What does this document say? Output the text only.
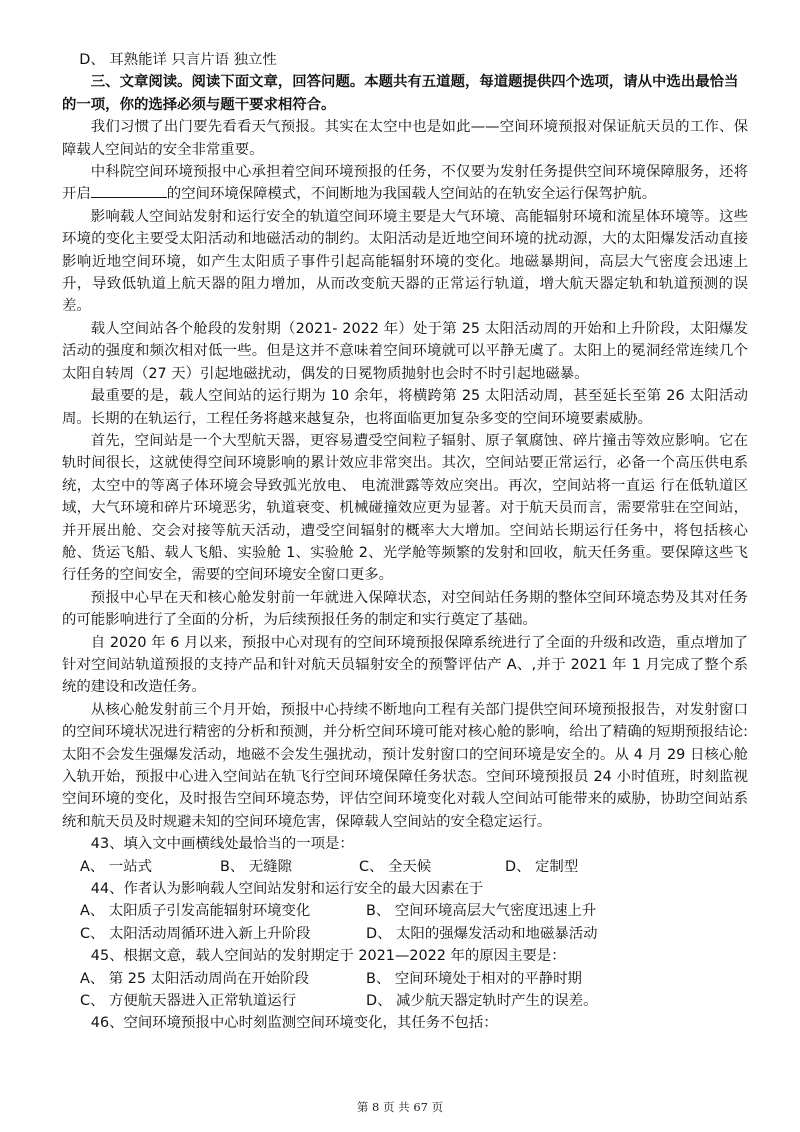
D、 耳熟能详 只言片语 独立性

三、文章阅读。阅读下面文章，回答问题。本题共有五道题，每道题提供四个选项，请从中选出最恰当的一项，你的选择必须与题干要求相符合。

我们习惯了出门要先看看天气预报。其实在太空中也是如此——空间环境预报对保证航天员的工作、保障载人空间站的安全非常重要。

中科院空间环境预报中心承担着空间环境预报的任务，不仅要为发射任务提供空间环境保障服务，还将开启	的空间环境保障模式，不间断地为我国载人空间站的在轨安全运行保驾护航。

影响载人空间站发射和运行安全的轨道空间环境主要是大气环境、高能辐射环境和流星体环境等。这些环境的变化主要受太阳活动和地磁活动的制约。太阳活动是近地空间环境的扰动源，大的太阳爆发活动直接影响近地空间环境，如产生太阳质子事件引起高能辐射环境的变化。地磁暴期间，高层大气密度会迅速上升，导致低轨道上航天器的阻力增加，从而改变航天器的正常运行轨道，增大航天器定轨和轨道预测的误差。

载人空间站各个舱段的发射期（2021- 2022 年）处于第 25 太阳活动周的开始和上升阶段，太阳爆发活动的强度和频次相对低一些。但是这并不意味着空间环境就可以平静无虞了。太阳上的冕洞经常连续几个太阳自转周（27 天）引起地磁扰动，偶发的日冕物质抛射也会时不时引起地磁暴。

最重要的是，载人空间站的运行期为 10 余年，将横跨第 25 太阳活动周，甚至延长至第 26 太阳活动周。长期的在轨运行，工程任务将越来越复杂，也将面临更加复杂多变的空间环境要素威胁。

首先，空间站是一个大型航天器，更容易遭受空间粒子辐射、原子氧腐蚀、碎片撞击等效应影响。它在轨时间很长，这就使得空间环境影响的累计效应非常突出。其次，空间站要正常运行，必备一个高压供电系统，太空中的等离子体环境会导致弧光放电、 电流泄露等效应突出。再次，空间站将一直运 行在低轨道区域，大气环境和碎片环境恶劣，轨道衰变、机械碰撞效应更为显著。对于航天员而言，需要常驻在空间站，并开展出舱、交会对接等航天活动，遭受空间辐射的概率大大增加。空间站长期运行任务中，将包括核心舱、货运飞船、载人飞船、实验舱 1、实验舱 2、光学舱等频繁的发射和回收，航天任务重。要保障这些飞行任务的空间安全，需要的空间环境安全窗口更多。

预报中心早在天和核心舱发射前一年就进入保障状态，对空间站任务期的整体空间环境态势及其对任务的可能影响进行了全面的分析，为后续预报任务的制定和实行奠定了基础。

自 2020 年 6 月以来，预报中心对现有的空间环境预报保障系统进行了全面的升级和改造，重点增加了针对空间站轨道预报的支持产品和针对航天员辐射安全的预警评估产 A、,并于 2021 年 1 月完成了整个系统的建设和改造任务。

从核心舱发射前三个月开始，预报中心持续不断地向工程有关部门提供空间环境预报报告，对发射窗口的空间环境状况进行精密的分析和预测，并分析空间环境可能对核心舱的影响，给出了精确的短期预报结论:太阳不会发生强爆发活动，地磁不会发生强扰动，预计发射窗口的空间环境是安全的。从 4 月 29 日核心舱入轨开始，预报中心进入空间站在轨飞行空间环境保障任务状态。空间环境预报员 24 小时值班，时刻监视空间环境的变化，及时报告空间环境态势，评估空间环境变化对载人空间站可能带来的威胁，协助空间站系统和航天员及时规避未知的空间环境危害，保障载人空间站的安全稳定运行。

43、填入文中画横线处最恰当的一项是：

A、 一站式	B、 无缝隙	C、 全天候	D、 定制型

44、作者认为影响载人空间站发射和运行安全的最大因素在于

A、 太阳质子引发高能辐射环境变化	B、 空间环境高层大气密度迅速上升
C、 太阳活动周循环进入新上升阶段	D、 太阳的强爆发活动和地磁暴活动

45、根据文意，载人空间站的发射期定于 2021—2022 年的原因主要是：

A、 第 25 太阳活动周尚在开始阶段	B、 空间环境处于相对的平静时期
C、 方便航天器进入正常轨道运行	D、 减少航天器定轨时产生的误差。

46、空间环境预报中心时刻监测空间环境变化，其任务不包括：

第 8 页 共 67 页
